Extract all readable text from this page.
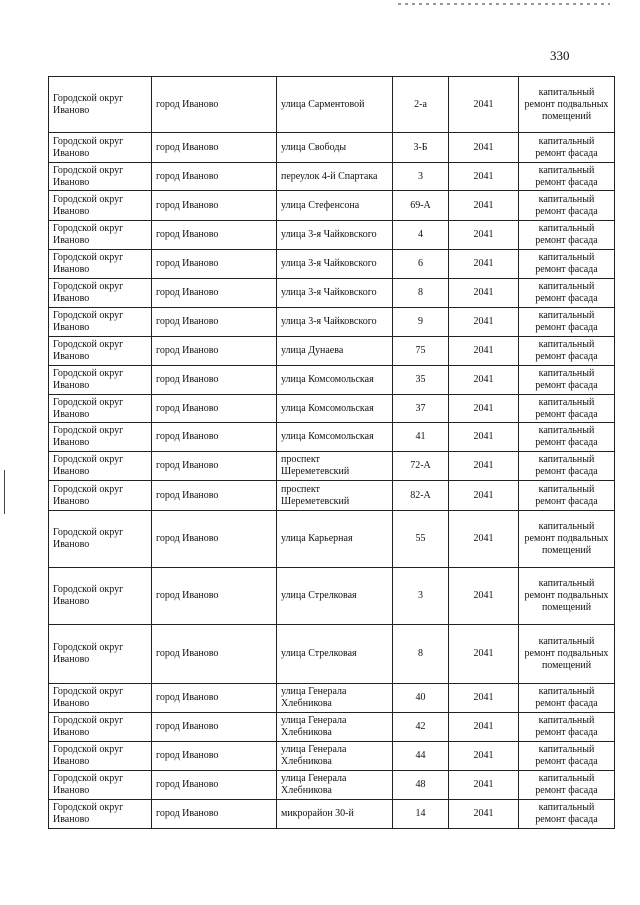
330
Городской округ Иваново	город Иваново	улица Сарментовой	2-а	2041	капитальный ремонт подвальных помещений
Городской округ Иваново	город Иваново	улица Свободы	3-Б	2041	капитальный ремонт фасада
Городской округ Иваново	город Иваново	переулок 4-й Спартака	3	2041	капитальный ремонт фасада
Городской округ Иваново	город Иваново	улица Стефенсона	69-А	2041	капитальный ремонт фасада
Городской округ Иваново	город Иваново	улица 3-я Чайковского	4	2041	капитальный ремонт фасада
Городской округ Иваново	город Иваново	улица 3-я Чайковского	6	2041	капитальный ремонт фасада
Городской округ Иваново	город Иваново	улица 3-я Чайковского	8	2041	капитальный ремонт фасада
Городской округ Иваново	город Иваново	улица 3-я Чайковского	9	2041	капитальный ремонт фасада
Городской округ Иваново	город Иваново	улица Дунаева	75	2041	капитальный ремонт фасада
Городской округ Иваново	город Иваново	улица Комсомольская	35	2041	капитальный ремонт фасада
Городской округ Иваново	город Иваново	улица Комсомольская	37	2041	капитальный ремонт фасада
Городской округ Иваново	город Иваново	улица Комсомольская	41	2041	капитальный ремонт фасада
Городской округ Иваново	город Иваново	проспект Шереметевский	72-А	2041	капитальный ремонт фасада
Городской округ Иваново	город Иваново	проспект Шереметевский	82-А	2041	капитальный ремонт фасада
Городской округ Иваново	город Иваново	улица Карьерная	55	2041	капитальный ремонт подвальных помещений
Городской округ Иваново	город Иваново	улица Стрелковая	3	2041	капитальный ремонт подвальных помещений
Городской округ Иваново	город Иваново	улица Стрелковая	8	2041	капитальный ремонт подвальных помещений
Городской округ Иваново	город Иваново	улица Генерала Хлебникова	40	2041	капитальный ремонт фасада
Городской округ Иваново	город Иваново	улица Генерала Хлебникова	42	2041	капитальный ремонт фасада
Городской округ Иваново	город Иваново	улица Генерала Хлебникова	44	2041	капитальный ремонт фасада
Городской округ Иваново	город Иваново	улица Генерала Хлебникова	48	2041	капитальный ремонт фасада
Городской округ Иваново	город Иваново	микрорайон 30-й	14	2041	капитальный ремонт фасада
